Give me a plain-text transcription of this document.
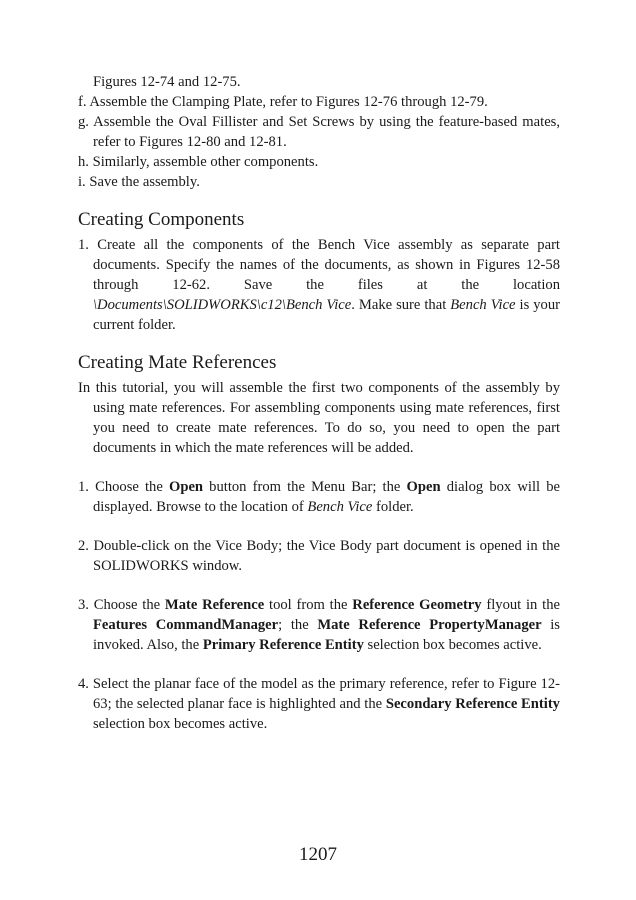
Figures 12-74 and 12-75.

f. Assemble the Clamping Plate, refer to Figures 12-76 through 12-79.

g. Assemble the Oval Fillister and Set Screws by using the feature-based mates, refer to Figures 12-80 and 12-81.

h. Similarly, assemble other components.

i. Save the assembly.

Creating Components

1. Create all the components of the Bench Vice assembly as separate part documents. Specify the names of the documents, as shown in Figures 12-58 through 12-62. Save the files at the location \Documents\SOLIDWORKS\c12\Bench Vice. Make sure that Bench Vice is your current folder.

Creating Mate References

In this tutorial, you will assemble the first two components of the assembly by using mate references. For assembling components using mate references, first you need to create mate references. To do so, you need to open the part documents in which the mate references will be added.

1. Choose the Open button from the Menu Bar; the Open dialog box will be displayed. Browse to the location of Bench Vice folder.

2. Double-click on the Vice Body; the Vice Body part document is opened in the SOLIDWORKS window.

3. Choose the Mate Reference tool from the Reference Geometry flyout in the Features CommandManager; the Mate Reference PropertyManager is invoked. Also, the Primary Reference Entity selection box becomes active.

4. Select the planar face of the model as the primary reference, refer to Figure 12-63; the selected planar face is highlighted and the Secondary Reference Entity selection box becomes active.

1207
